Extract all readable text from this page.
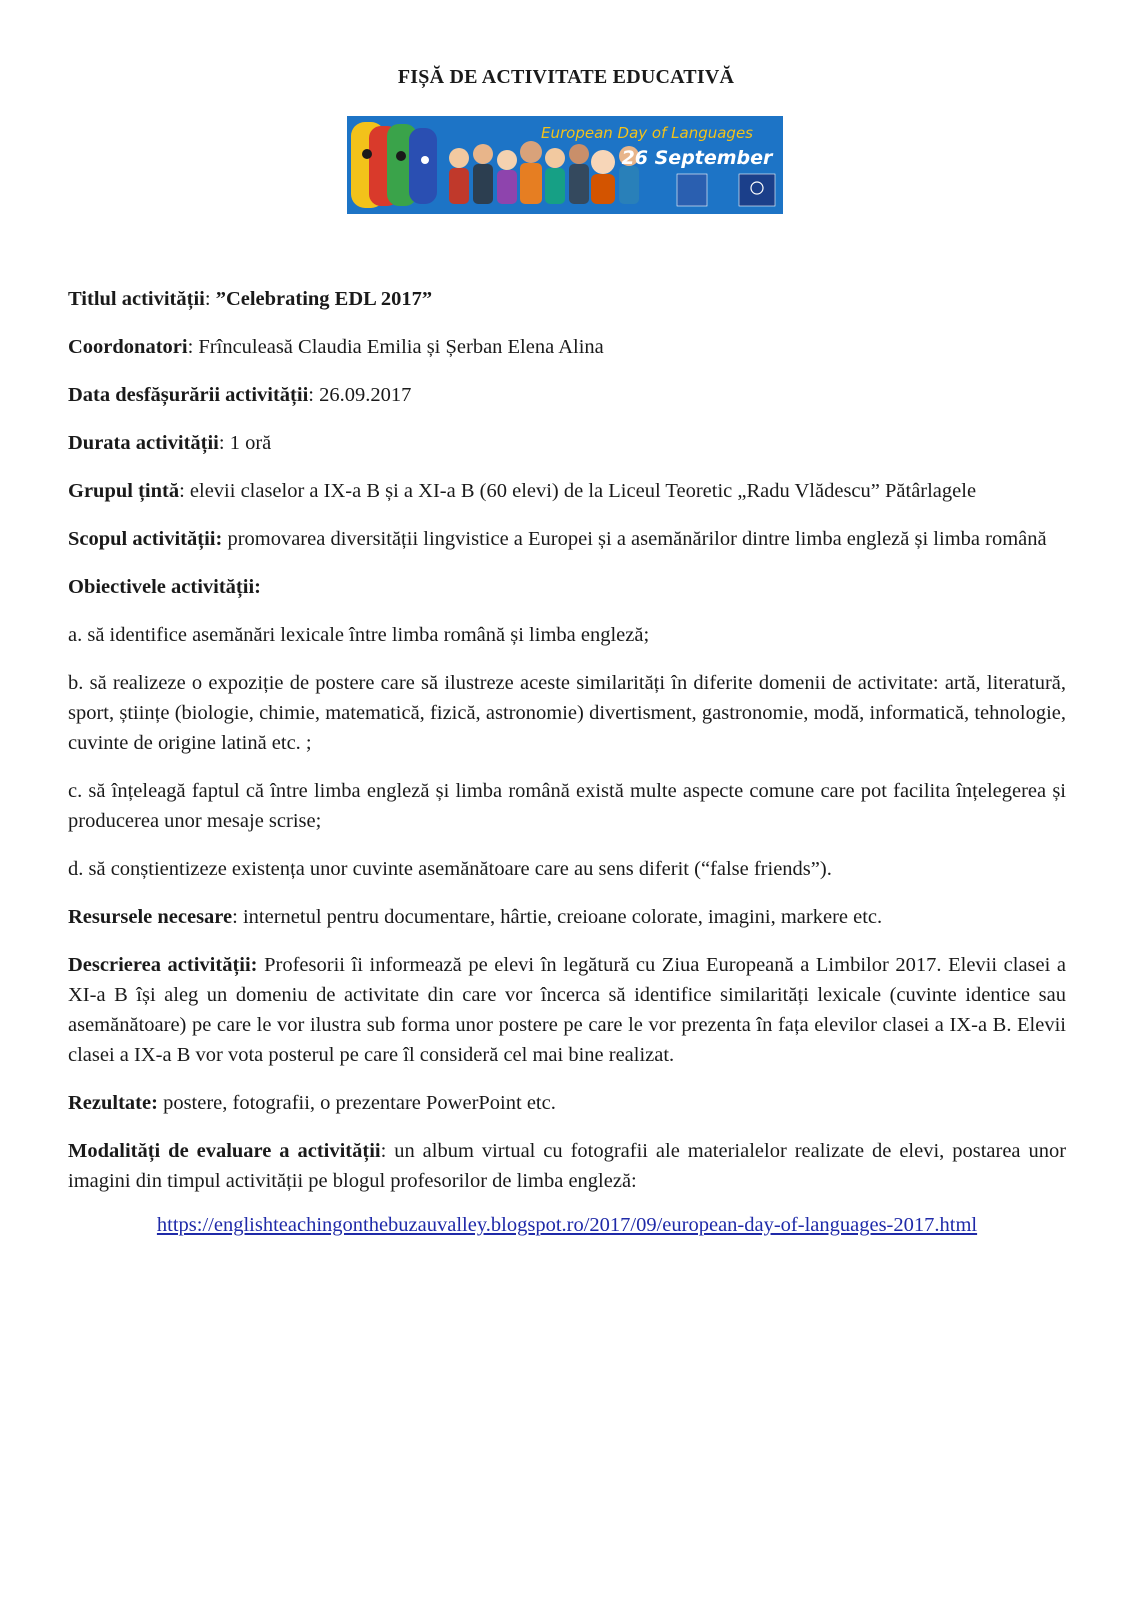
FIȘĂ DE ACTIVITATE EDUCATIVĂ
European Day of Languages
26 September

Titlul activității: ”Celebrating EDL 2017”

Coordonatori: Frînculeasă Claudia Emilia și Șerban Elena Alina

Data desfășurării activității: 26.09.2017

Durata activității: 1 oră

Grupul țintă: elevii claselor a IX-a B și a XI-a B (60 elevi) de la Liceul Teoretic „Radu Vlădescu” Pătârlagele

Scopul activității: promovarea diversității lingvistice a Europei și a asemănărilor dintre limba engleză și limba română

Obiectivele activității:

a. să identifice asemănări lexicale între limba română și limba engleză;

b. să realizeze o expoziție de postere care să ilustreze aceste similarități în diferite domenii de activitate: artă, literatură, sport, științe (biologie, chimie, matematică, fizică, astronomie) divertisment, gastronomie, modă, informatică, tehnologie, cuvinte de origine latină etc. ;

c. să înțeleagă faptul că între limba engleză și limba română există multe aspecte comune care pot facilita înțelegerea și producerea unor mesaje scrise;

d. să conștientizeze existența unor cuvinte asemănătoare care au sens diferit (“false friends”).

Resursele necesare: internetul pentru documentare, hârtie, creioane colorate, imagini, markere etc.

Descrierea activității: Profesorii îi informează pe elevi în legătură cu Ziua Europeană a Limbilor 2017. Elevii clasei a XI-a B își aleg un domeniu de activitate din care vor încerca să identifice similarități lexicale (cuvinte identice sau asemănătoare) pe care le vor ilustra sub forma unor postere pe care le vor prezenta în fața elevilor clasei a IX-a B. Elevii clasei a IX-a B vor vota posterul pe care îl consideră cel mai bine realizat.

Rezultate: postere, fotografii, o prezentare PowerPoint etc.

Modalități de evaluare a activității: un album virtual cu fotografii ale materialelor realizate de elevi, postarea unor imagini din timpul activității pe blogul profesorilor de limba engleză:

https://englishteachingonthebuzauvalley.blogspot.ro/2017/09/european-day-of-languages-2017.html
